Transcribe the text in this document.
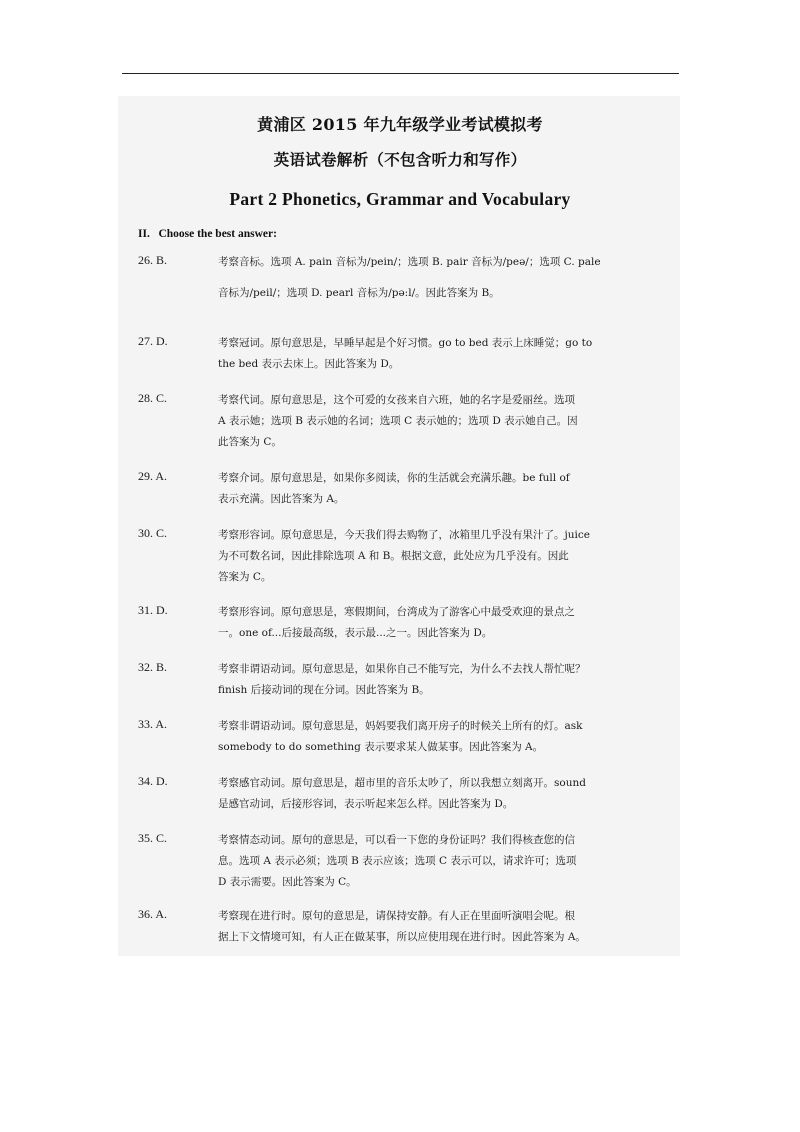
黄浦区 2015 年九年级学业考试模拟考
英语试卷解析（不包含听力和写作）
Part 2 Phonetics, Grammar and Vocabulary
II.   Choose the best answer:
26. B.	考察音标。选项 A. pain 音标为/pein/；选项 B. pair 音标为/peə/；选项 C. pale
音标为/peil/；选项 D. pearl 音标为/pə:l/。因此答案为 B。
27. D.	考察冠词。原句意思是，早睡早起是个好习惯。go to bed 表示上床睡觉；go to
the bed 表示去床上。因此答案为 D。
28. C.	考察代词。原句意思是，这个可爱的女孩来自六班，她的名字是爱丽丝。选项
A 表示她；选项 B 表示她的名词；选项 C 表示她的；选项 D 表示她自己。因
此答案为 C。
29. A.	考察介词。原句意思是，如果你多阅读，你的生活就会充满乐趣。be full of
表示充满。因此答案为 A。
30. C.	考察形容词。原句意思是，今天我们得去购物了，冰箱里几乎没有果汁了。juice
为不可数名词，因此排除选项 A 和 B。根据文意，此处应为几乎没有。因此
答案为 C。
31. D.	考察形容词。原句意思是，寒假期间，台湾成为了游客心中最受欢迎的景点之
一。one of...后接最高级，表示最...之一。因此答案为 D。
32. B.	考察非谓语动词。原句意思是，如果你自己不能写完，为什么不去找人帮忙呢？
finish 后接动词的现在分词。因此答案为 B。
33. A.	考察非谓语动词。原句意思是，妈妈要我们离开房子的时候关上所有的灯。ask
somebody to do something 表示要求某人做某事。因此答案为 A。
34. D.	考察感官动词。原句意思是，超市里的音乐太吵了，所以我想立刻离开。sound
是感官动词，后接形容词，表示听起来怎么样。因此答案为 D。
35. C.	考察情态动词。原句的意思是，可以看一下您的身份证吗？我们得核查您的信
息。选项 A 表示必须；选项 B 表示应该；选项 C 表示可以，请求许可；选项
D 表示需要。因此答案为 C。
36. A.	考察现在进行时。原句的意思是，请保持安静。有人正在里面听演唱会呢。根
据上下文情境可知，有人正在做某事，所以应使用现在进行时。因此答案为 A。
